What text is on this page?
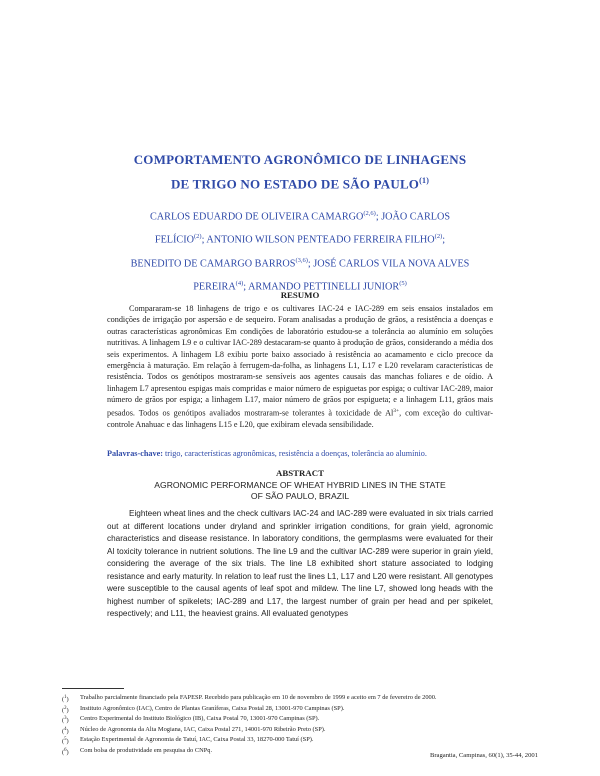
COMPORTAMENTO AGRONÔMICO DE LINHAGENS
DE TRIGO NO ESTADO DE SÃO PAULO$^{(1)}$
CARLOS EDUARDO DE OLIVEIRA CAMARGO$^{(2,6)}$; JOÃO CARLOS
FELÍCIO$^{(2)}$; ANTONIO WILSON PENTEADO FERREIRA FILHO$^{(2)}$;
BENEDITO DE CAMARGO BARROS$^{(3,6)}$; JOSÉ CARLOS VILA NOVA ALVES
PEREIRA$^{(4)}$; ARMANDO PETTINELLI JUNIOR$^{(5)}$
RESUMO
Compararam-se 18 linhagens de trigo e os cultivares IAC-24 e IAC-289 em seis ensaios instalados em condições de irrigação por aspersão e de sequeiro. Foram analisadas a produção de grãos, a resistência a doenças e outras características agronômicas Em condições de laboratório estudou-se a tolerância ao alumínio em soluções nutritivas. A linhagem L9 e o cultivar IAC-289 destacaram-se quanto à produção de grãos, considerando a média dos seis experimentos. A linhagem L8 exibiu porte baixo associado à resistência ao acamamento e ciclo precoce da emergência à maturação. Em relação à ferrugem-da-folha, as linhagens L1, L17 e L20 revelaram características de resistência. Todos os genótipos mostraram-se sensíveis aos agentes causais das manchas foliares e de oídio. A linhagem L7 apresentou espigas mais compridas e maior número de espiguetas por espiga; o cultivar IAC-289, maior número de grãos por espiga; a linhagem L17, maior número de grãos por espigueta; e a linhagem L11, grãos mais pesados. Todos os genótipos avaliados mostraram-se tolerantes à toxicidade de $Al^{3+}$, com exceção do cultivar-controle Anahuac e das linhagens L15 e L20, que exibiram elevada sensibilidade.
Palavras-chave: trigo, características agronômicas, resistência a doenças, tolerância ao alumínio.
ABSTRACT
AGRONOMIC PERFORMANCE OF WHEAT HYBRID LINES IN THE STATE
OF SÃO PAULO, BRAZIL
Eighteen wheat lines and the check cultivars IAC-24 and IAC-289 were evaluated in six trials carried out at different locations under dryland and sprinkler irrigation conditions, for grain yield, agronomic characteristics and disease resistance. In laboratory conditions, the germplasms were evaluated for their Al toxicity tolerance in nutrient solutions. The line L9 and the cultivar IAC-289 were superior in grain yield, considering the average of the six trials. The line L8 exhibited short stature associated to lodging resistance and early maturity. In relation to leaf rust the lines L1, L17 and L20 were resistant. All genotypes were susceptible to the causal agents of leaf spot and mildew. The line L7, showed long heads with the highest number of spikelets; IAC-289 and L17, the largest number of grain per head and per spikelet, respectively; and L11, the heaviest grains. All evaluated genotypes
($^1$)	Trabalho parcialmente financiado pela FAPESP. Recebido para publicação em 10 de novembro de 1999 e aceito em 7 de fevereiro de 2000.
($^2$)	Instituto Agronômico (IAC), Centro de Plantas Graníferas, Caixa Postal 28, 13001-970 Campinas (SP).
($^3$)	Centro Experimental do Instituto Biológico (IB), Caixa Postal 70, 13001-970 Campinas (SP).
($^4$)	Núcleo de Agronomia da Alta Mogiana, IAC, Caixa Postal 271, 14001-970 Ribeirão Preto (SP).
($^5$)	Estação Experimental de Agronomia de Tatuí, IAC, Caixa Postal 33, 18270-000 Tatuí (SP).
($^6$)	Com bolsa de produtividade em pesquisa do CNPq.
Bragantia, Campinas, 60(1), 35-44, 2001
